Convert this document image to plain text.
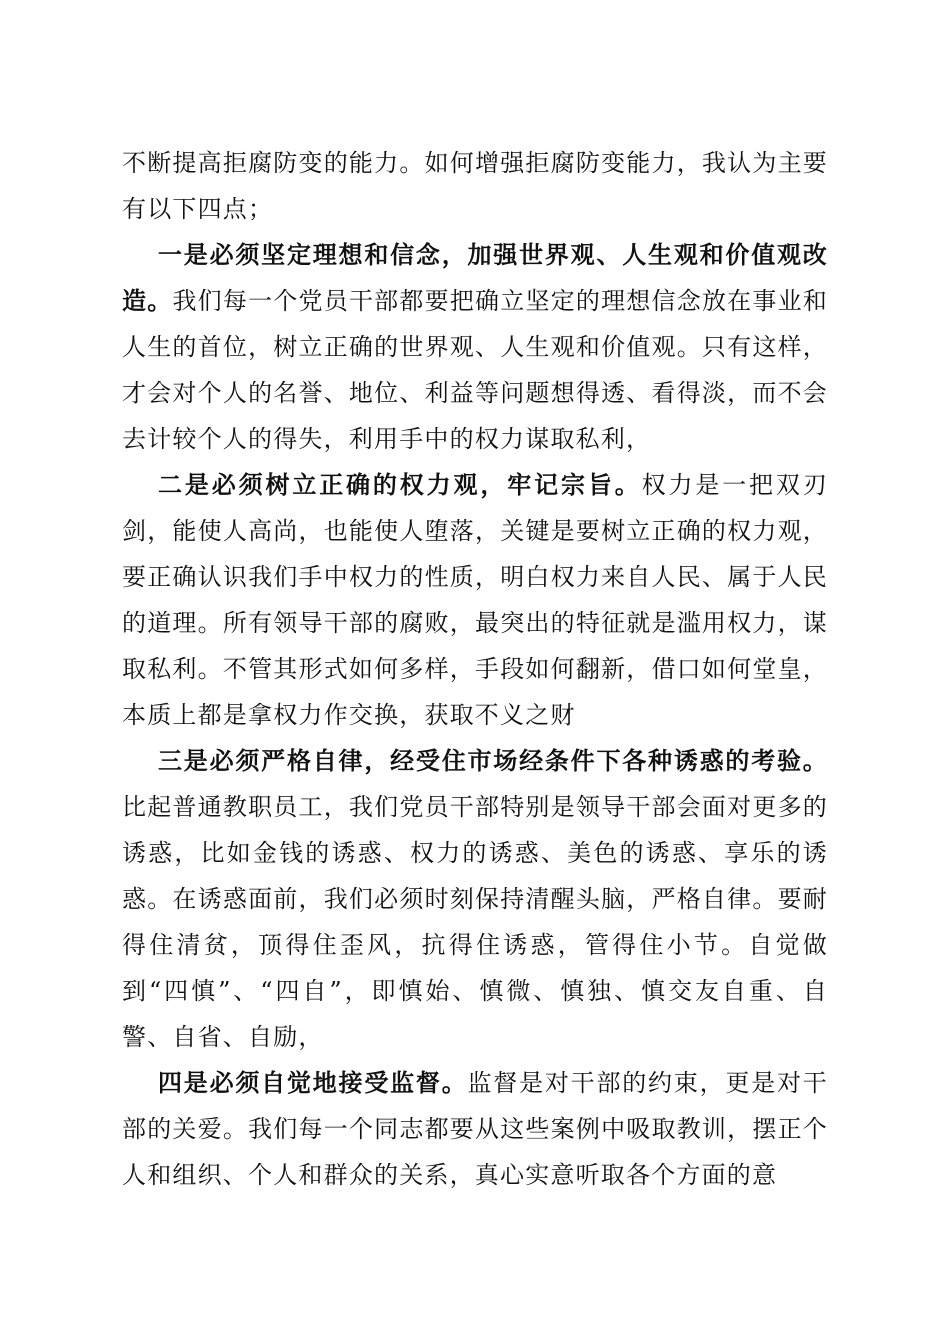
不断提高拒腐防变的能力。如何增强拒腐防变能力，我认为主要有以下四点；

一是必须坚定理想和信念，加强世界观、人生观和价值观改造。我们每一个党员干部都要把确立坚定的理想信念放在事业和人生的首位，树立正确的世界观、人生观和价值观。只有这样，才会对个人的名誉、地位、利益等问题想得透、看得淡，而不会去计较个人的得失，利用手中的权力谋取私利，

二是必须树立正确的权力观，牢记宗旨。权力是一把双刃剑，能使人高尚，也能使人堕落，关键是要树立正确的权力观，要正确认识我们手中权力的性质，明白权力来自人民、属于人民的道理。所有领导干部的腐败，最突出的特征就是滥用权力，谋取私利。不管其形式如何多样，手段如何翻新，借口如何堂皇，本质上都是拿权力作交换，获取不义之财

三是必须严格自律，经受住市场经条件下各种诱惑的考验。比起普通教职员工，我们党员干部特别是领导干部会面对更多的诱惑，比如金钱的诱惑、权力的诱惑、美色的诱惑、享乐的诱惑。在诱惑面前，我们必须时刻保持清醒头脑，严格自律。要耐得住清贫，顶得住歪风，抗得住诱惑，管得住小节。自觉做到“四慎”、“四自”，即慎始、慎微、慎独、慎交友自重、自警、自省、自励，

四是必须自觉地接受监督。监督是对干部的约束，更是对干部的关爱。我们每一个同志都要从这些案例中吸取教训，摆正个人和组织、个人和群众的关系，真心实意听取各个方面的意
